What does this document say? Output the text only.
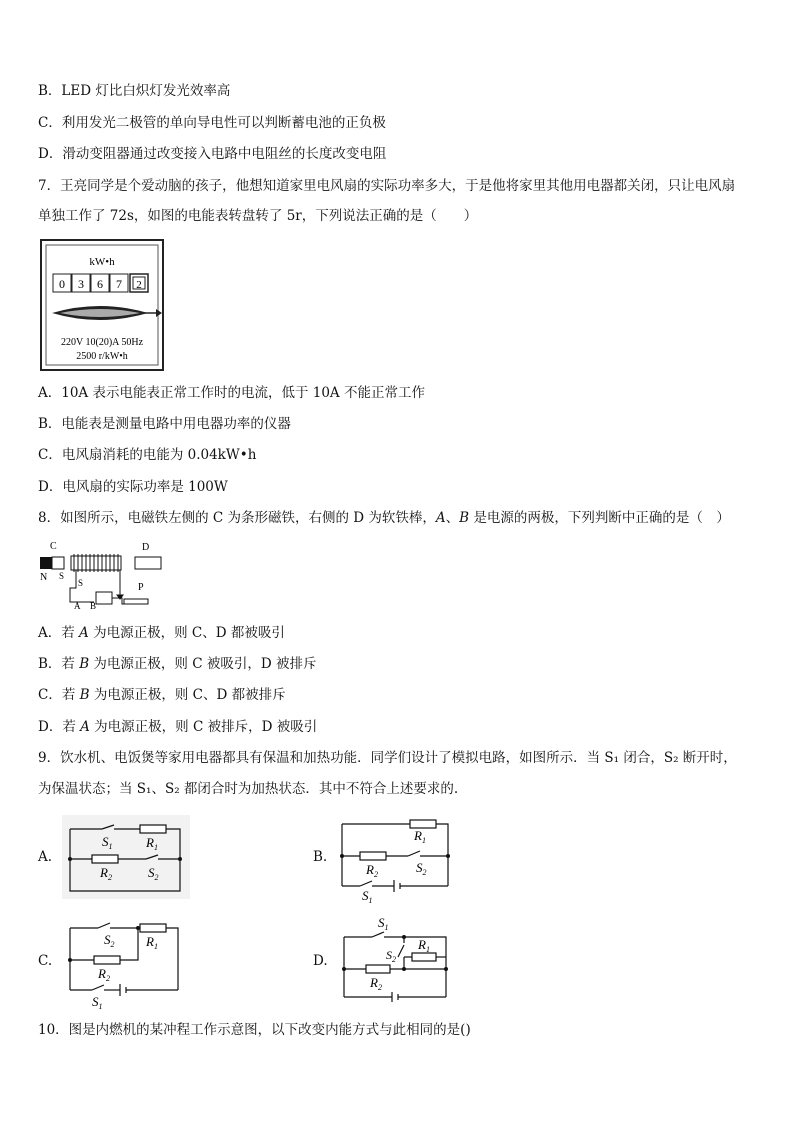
B．LED 灯比白炽灯发光效率高
C．利用发光二极管的单向导电性可以判断蓄电池的正负极
D．滑动变阻器通过改变接入电路中电阻丝的长度改变电阻
7．王亮同学是个爱动脑的孩子，他想知道家里电风扇的实际功率多大，于是他将家里其他用电器都关闭，只让电风扇
单独工作了 72s，如图的电能表转盘转了 5r，下列说法正确的是（　　）
kW•h
0 3 6 7 2
220V 10(20)A 50Hz
2500 r/kW•h
A．10A 表示电能表正常工作时的电流，低于 10A 不能正常工作
B．电能表是测量电路中用电器功率的仪器
C．电风扇消耗的电能为 0.04kW•h
D．电风扇的实际功率是 100W
8．如图所示，电磁铁左侧的 C 为条形磁铁，右侧的 D 为软铁棒，A、B 是电源的两极，下列判断中正确的是（　）
C	D
N S
S	P
A B
A．若 A 为电源正极，则 C、D 都被吸引
B．若 B 为电源正极，则 C 被吸引，D 被排斥
C．若 B 为电源正极，则 C、D 都被排斥
D．若 A 为电源正极，则 C 被排斥，D 被吸引
9．饮水机、电饭煲等家用电器都具有保温和加热功能．同学们设计了模拟电路，如图所示．当 S₁ 闭合，S₂ 断开时，
为保温状态；当 S₁、S₂ 都闭合时为加热状态．其中不符合上述要求的.
A.
$S_1$	$R_1$
$R_2$	$S_2$
B.
$R_1$
$R_2$	$S_2$
$S_1$
C.
$S_2$ $R_1$
$R_2$
$S_1$
D.
$S_1$
$S_2$
$R_1$
$R_2$
10．图是内燃机的某冲程工作示意图，以下改变内能方式与此相同的是()
